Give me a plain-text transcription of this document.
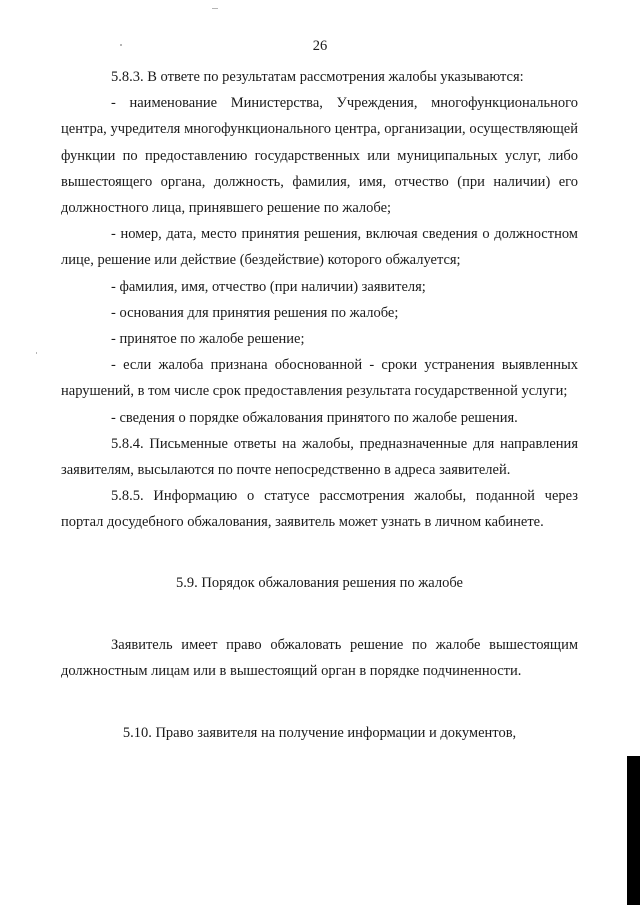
26

5.8.3. В ответе по результатам рассмотрения жалобы указываются:

- наименование Министерства, Учреждения, многофункционального центра, учредителя многофункционального центра, организации, осуществляющей функции по предоставлению государственных или муниципальных услуг, либо вышестоящего органа, должность, фамилия, имя, отчество (при наличии) его должностного лица, принявшего решение по жалобе;

- номер, дата, место принятия решения, включая сведения о должностном лице, решение или действие (бездействие) которого обжалуется;

- фамилия, имя, отчество (при наличии) заявителя;

- основания для принятия решения по жалобе;

- принятое по жалобе решение;

- если жалоба признана обоснованной - сроки устранения выявленных нарушений, в том числе срок предоставления результата государственной услуги;

- сведения о порядке обжалования принятого по жалобе решения.

5.8.4. Письменные ответы на жалобы, предназначенные для направления заявителям, высылаются по почте непосредственно в адреса заявителей.

5.8.5. Информацию о статусе рассмотрения жалобы, поданной через портал досудебного обжалования, заявитель может узнать в личном кабинете.

5.9. Порядок обжалования решения по жалобе

Заявитель имеет право обжаловать решение по жалобе вышестоящим должностным лицам или в вышестоящий орган в порядке подчиненности.

5.10. Право заявителя на получение информации и документов,
